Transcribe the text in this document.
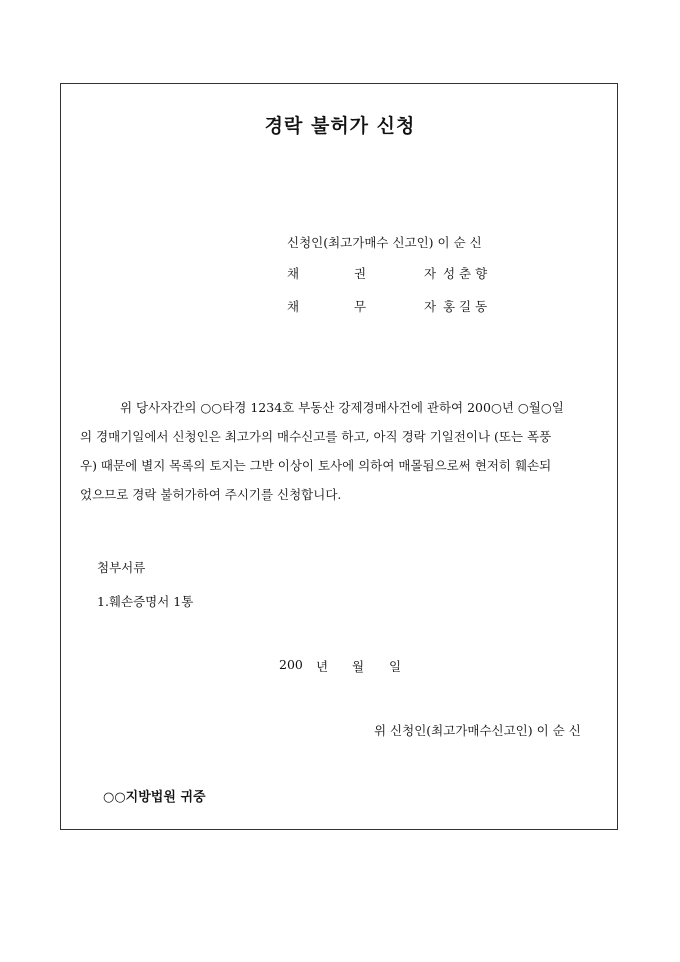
경락 불허가 신청
신청인(최고가매수 신고인) 이 순 신
채	권	자 성 춘 향
채	무	자 홍 길 동
위 당사자간의 ○○타경 1234호 부동산 강제경매사건에 관하여 200○년 ○월○일
의 경매기일에서 신청인은 최고가의 매수신고를 하고, 아직 경락 기일전이나 (또는 폭풍
우) 때문에 별지 목록의 토지는 그반 이상이 토사에 의하여 매몰됨으로써 현저히 훼손되
었으므로 경락 불허가하여 주시기를 신청합니다.
첨부서류
1.훼손증명서 1통
200 년 월 일
위 신청인(최고가매수신고인) 이 순 신
○○지방법원 귀중
